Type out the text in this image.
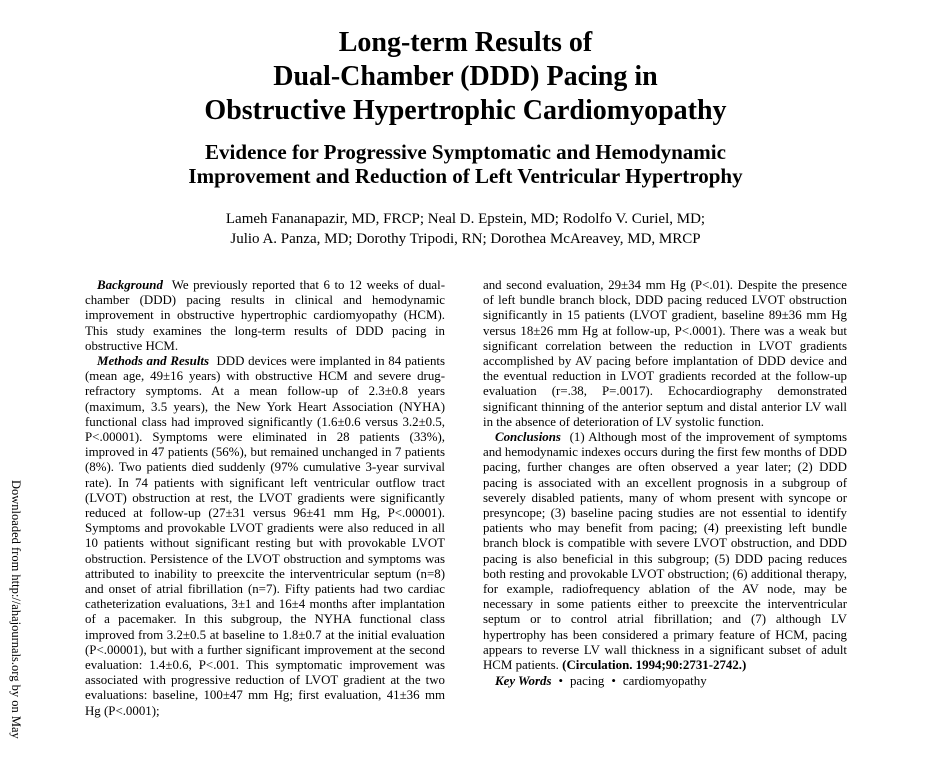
Long-term Results of
Dual-Chamber (DDD) Pacing in
Obstructive Hypertrophic Cardiomyopathy
Evidence for Progressive Symptomatic and Hemodynamic
Improvement and Reduction of Left Ventricular Hypertrophy
Lameh Fananapazir, MD, FRCP; Neal D. Epstein, MD; Rodolfo V. Curiel, MD;
Julio A. Panza, MD; Dorothy Tripodi, RN; Dorothea McAreavey, MD, MRCP
Downloaded from http://ahajournals.org by on May

Background We previously reported that 6 to 12 weeks of dual-chamber (DDD) pacing results in clinical and hemodynamic improvement in obstructive hypertrophic cardiomyopathy (HCM). This study examines the long-term results of DDD pacing in obstructive HCM.

Methods and Results DDD devices were implanted in 84 patients (mean age, 49±16 years) with obstructive HCM and severe drug-refractory symptoms. At a mean follow-up of 2.3±0.8 years (maximum, 3.5 years), the New York Heart Association (NYHA) functional class had improved significantly (1.6±0.6 versus 3.2±0.5, P<.00001). Symptoms were eliminated in 28 patients (33%), improved in 47 patients (56%), but remained unchanged in 7 patients (8%). Two patients died suddenly (97% cumulative 3-year survival rate). In 74 patients with significant left ventricular outflow tract (LVOT) obstruction at rest, the LVOT gradients were significantly reduced at follow-up (27±31 versus 96±41 mm Hg, P<.00001). Symptoms and provokable LVOT gradients were also reduced in all 10 patients without significant resting but with provokable LVOT obstruction. Persistence of the LVOT obstruction and symptoms was attributed to inability to preexcite the interventricular septum (n=8) and onset of atrial fibrillation (n=7). Fifty patients had two cardiac catheterization evaluations, 3±1 and 16±4 months after implantation of a pacemaker. In this subgroup, the NYHA functional class improved from 3.2±0.5 at baseline to 1.8±0.7 at the initial evaluation (P<.00001), but with a further significant improvement at the second evaluation: 1.4±0.6, P<.001. This symptomatic improvement was associated with progressive reduction of LVOT gradient at the two evaluations: baseline, 100±47 mm Hg; first evaluation, 41±36 mm Hg (P<.0001);

and second evaluation, 29±34 mm Hg (P<.01). Despite the presence of left bundle branch block, DDD pacing reduced LVOT obstruction significantly in 15 patients (LVOT gradient, baseline 89±36 mm Hg versus 18±26 mm Hg at follow-up, P<.0001). There was a weak but significant correlation between the reduction in LVOT gradients accomplished by AV pacing before implantation of DDD device and the eventual reduction in LVOT gradients recorded at the follow-up evaluation (r=.38, P=.0017). Echocardiography demonstrated significant thinning of the anterior septum and distal anterior LV wall in the absence of deterioration of LV systolic function.

Conclusions (1) Although most of the improvement of symptoms and hemodynamic indexes occurs during the first few months of DDD pacing, further changes are often observed a year later; (2) DDD pacing is associated with an excellent prognosis in a subgroup of severely disabled patients, many of whom present with syncope or presyncope; (3) baseline pacing studies are not essential to identify patients who may benefit from pacing; (4) preexisting left bundle branch block is compatible with severe LVOT obstruction, and DDD pacing is also beneficial in this subgroup; (5) DDD pacing reduces both resting and provokable LVOT obstruction; (6) additional therapy, for example, radiofrequency ablation of the AV node, may be necessary in some patients either to preexcite the interventricular septum or to control atrial fibrillation; and (7) although LV hypertrophy has been considered a primary feature of HCM, pacing appears to reverse LV wall thickness in a significant subset of adult HCM patients. (Circulation. 1994;90:2731-2742.)

Key Words • pacing • cardiomyopathy
